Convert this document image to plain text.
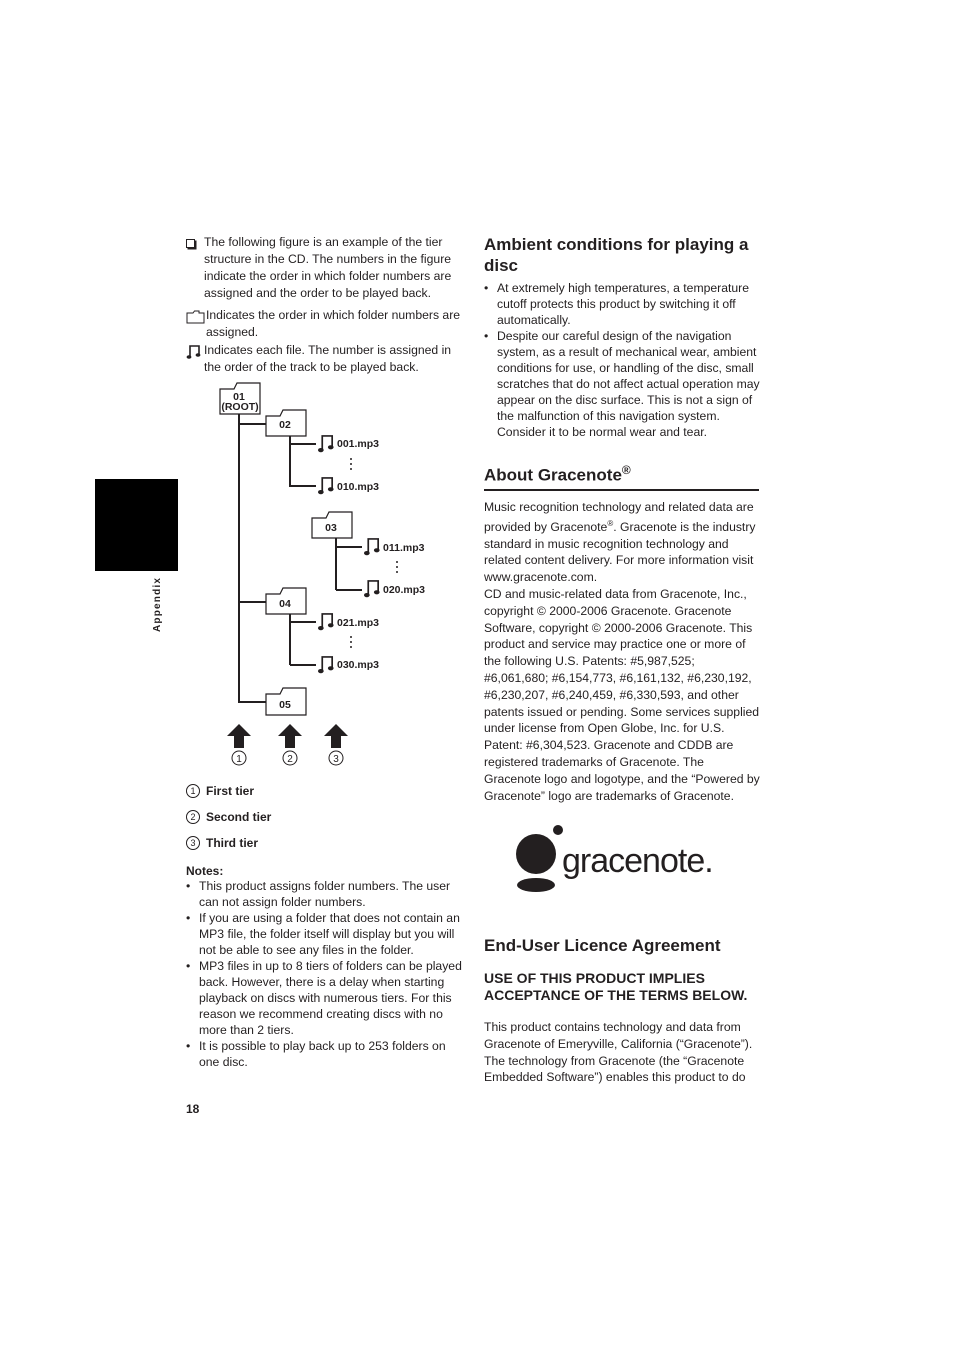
Appendix
The following figure is an example of the tier structure in the CD. The numbers in the figure indicate the order in which folder numbers are assigned and the order to be played back.
Indicates the order in which folder numbers are assigned.
Indicates each file. The number is assigned in the order of the track to be played back.
01
(ROOT)
02
03
04
05
001.mp3
010.mp3
011.mp3
020.mp3
021.mp3
030.mp3
1	2	3
1 First tier
2 Second tier
3 Third tier
Notes:
• This product assigns folder numbers. The user can not assign folder numbers.
• If you are using a folder that does not contain an MP3 file, the folder itself will display but you will not be able to see any files in the folder.
• MP3 files in up to 8 tiers of folders can be played back. However, there is a delay when starting playback on discs with numerous tiers. For this reason we recommend creating discs with no more than 2 tiers.
• It is possible to play back up to 253 folders on one disc.
Ambient conditions for playing a disc
• At extremely high temperatures, a temperature cutoff protects this product by switching it off automatically.
• Despite our careful design of the navigation system, as a result of mechanical wear, ambient conditions for use, or handling of the disc, small scratches that do not affect actual operation may appear on the disc surface. This is not a sign of the malfunction of this navigation system. Consider it to be normal wear and tear.
About Gracenote®
Music recognition technology and related data are provided by Gracenote®. Gracenote is the industry standard in music recognition technology and related content delivery. For more information visit www.gracenote.com.
CD and music-related data from Gracenote, Inc., copyright © 2000-2006 Gracenote. Gracenote Software, copyright © 2000-2006 Gracenote. This product and service may practice one or more of the following U.S. Patents: #5,987,525; #6,061,680; #6,154,773, #6,161,132, #6,230,192, #6,230,207, #6,240,459, #6,330,593, and other patents issued or pending. Some services supplied under license from Open Globe, Inc. for U.S. Patent: #6,304,523. Gracenote and CDDB are registered trademarks of Gracenote. The Gracenote logo and logotype, and the “Powered by Gracenote” logo are trademarks of Gracenote.
gracenote.
End-User Licence Agreement
USE OF THIS PRODUCT IMPLIES ACCEPTANCE OF THE TERMS BELOW.
This product contains technology and data from Gracenote of Emeryville, California (“Gracenote”). The technology from Gracenote (the “Gracenote Embedded Software”) enables this product to do
18
